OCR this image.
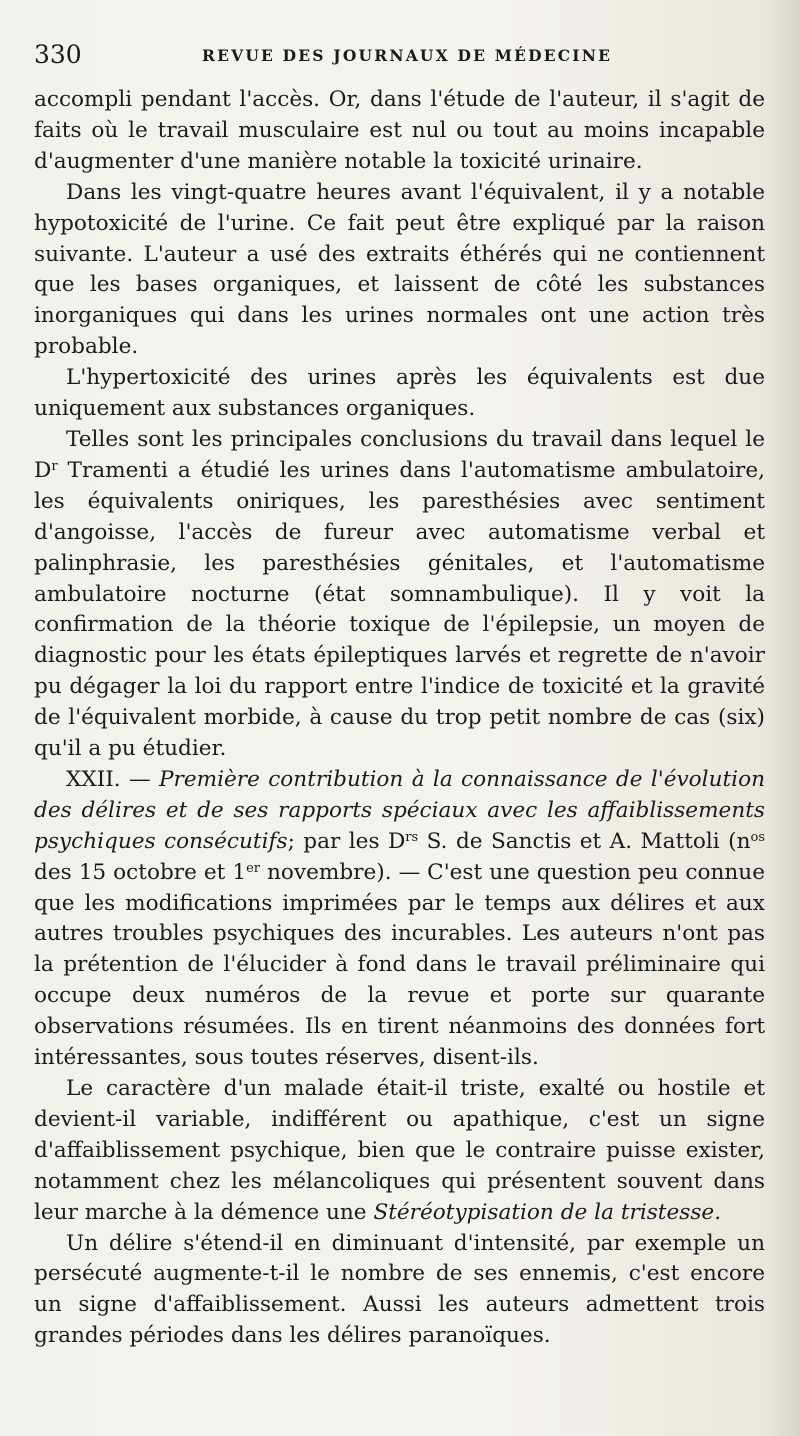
330	REVUE DES JOURNAUX DE MÉDECINE

accompli pendant l'accès. Or, dans l'étude de l'auteur, il s'agit de faits où le travail musculaire est nul ou tout au moins incapable d'augmenter d'une manière notable la toxicité urinaire.

Dans les vingt-quatre heures avant l'équivalent, il y a notable hypotoxicité de l'urine. Ce fait peut être expliqué par la raison suivante. L'auteur a usé des extraits éthérés qui ne contiennent que les bases organiques, et laissent de côté les substances inorganiques qui dans les urines normales ont une action très probable.

L'hypertoxicité des urines après les équivalents est due uniquement aux substances organiques.

Telles sont les principales conclusions du travail dans lequel le $D^r$ Tramenti a étudié les urines dans l'automatisme ambulatoire, les équivalents oniriques, les paresthésies avec sentiment d'angoisse, l'accès de fureur avec automatisme verbal et palinphrasie, les paresthésies génitales, et l'automatisme ambulatoire nocturne (état somnambulique). Il y voit la confirmation de la théorie toxique de l'épilepsie, un moyen de diagnostic pour les états épileptiques larvés et regrette de n'avoir pu dégager la loi du rapport entre l'indice de toxicité et la gravité de l'équivalent morbide, à cause du trop petit nombre de cas (six) qu'il a pu étudier.

XXII. — Première contribution à la connaissance de l'évolution des délires et de ses rapports spéciaux avec les affaiblissements psychiques consécutifs; par les $D^{rs}$ S. de Sanctis et A. Mattoli ($n^{os}$ des 15 octobre et 1er novembre). — C'est une question peu connue que les modifications imprimées par le temps aux délires et aux autres troubles psychiques des incurables. Les auteurs n'ont pas la prétention de l'élucider à fond dans le travail préliminaire qui occupe deux numéros de la revue et porte sur quarante observations résumées. Ils en tirent néanmoins des données fort intéressantes, sous toutes réserves, disent-ils.

Le caractère d'un malade était-il triste, exalté ou hostile et devient-il variable, indifférent ou apathique, c'est un signe d'affaiblissement psychique, bien que le contraire puisse exister, notamment chez les mélancoliques qui présentent souvent dans leur marche à la démence une Stéréotypisation de la tristesse.

Un délire s'étend-il en diminuant d'intensité, par exemple un persécuté augmente-t-il le nombre de ses ennemis, c'est encore un signe d'affaiblissement. Aussi les auteurs admettent trois grandes périodes dans les délires paranoïques.
